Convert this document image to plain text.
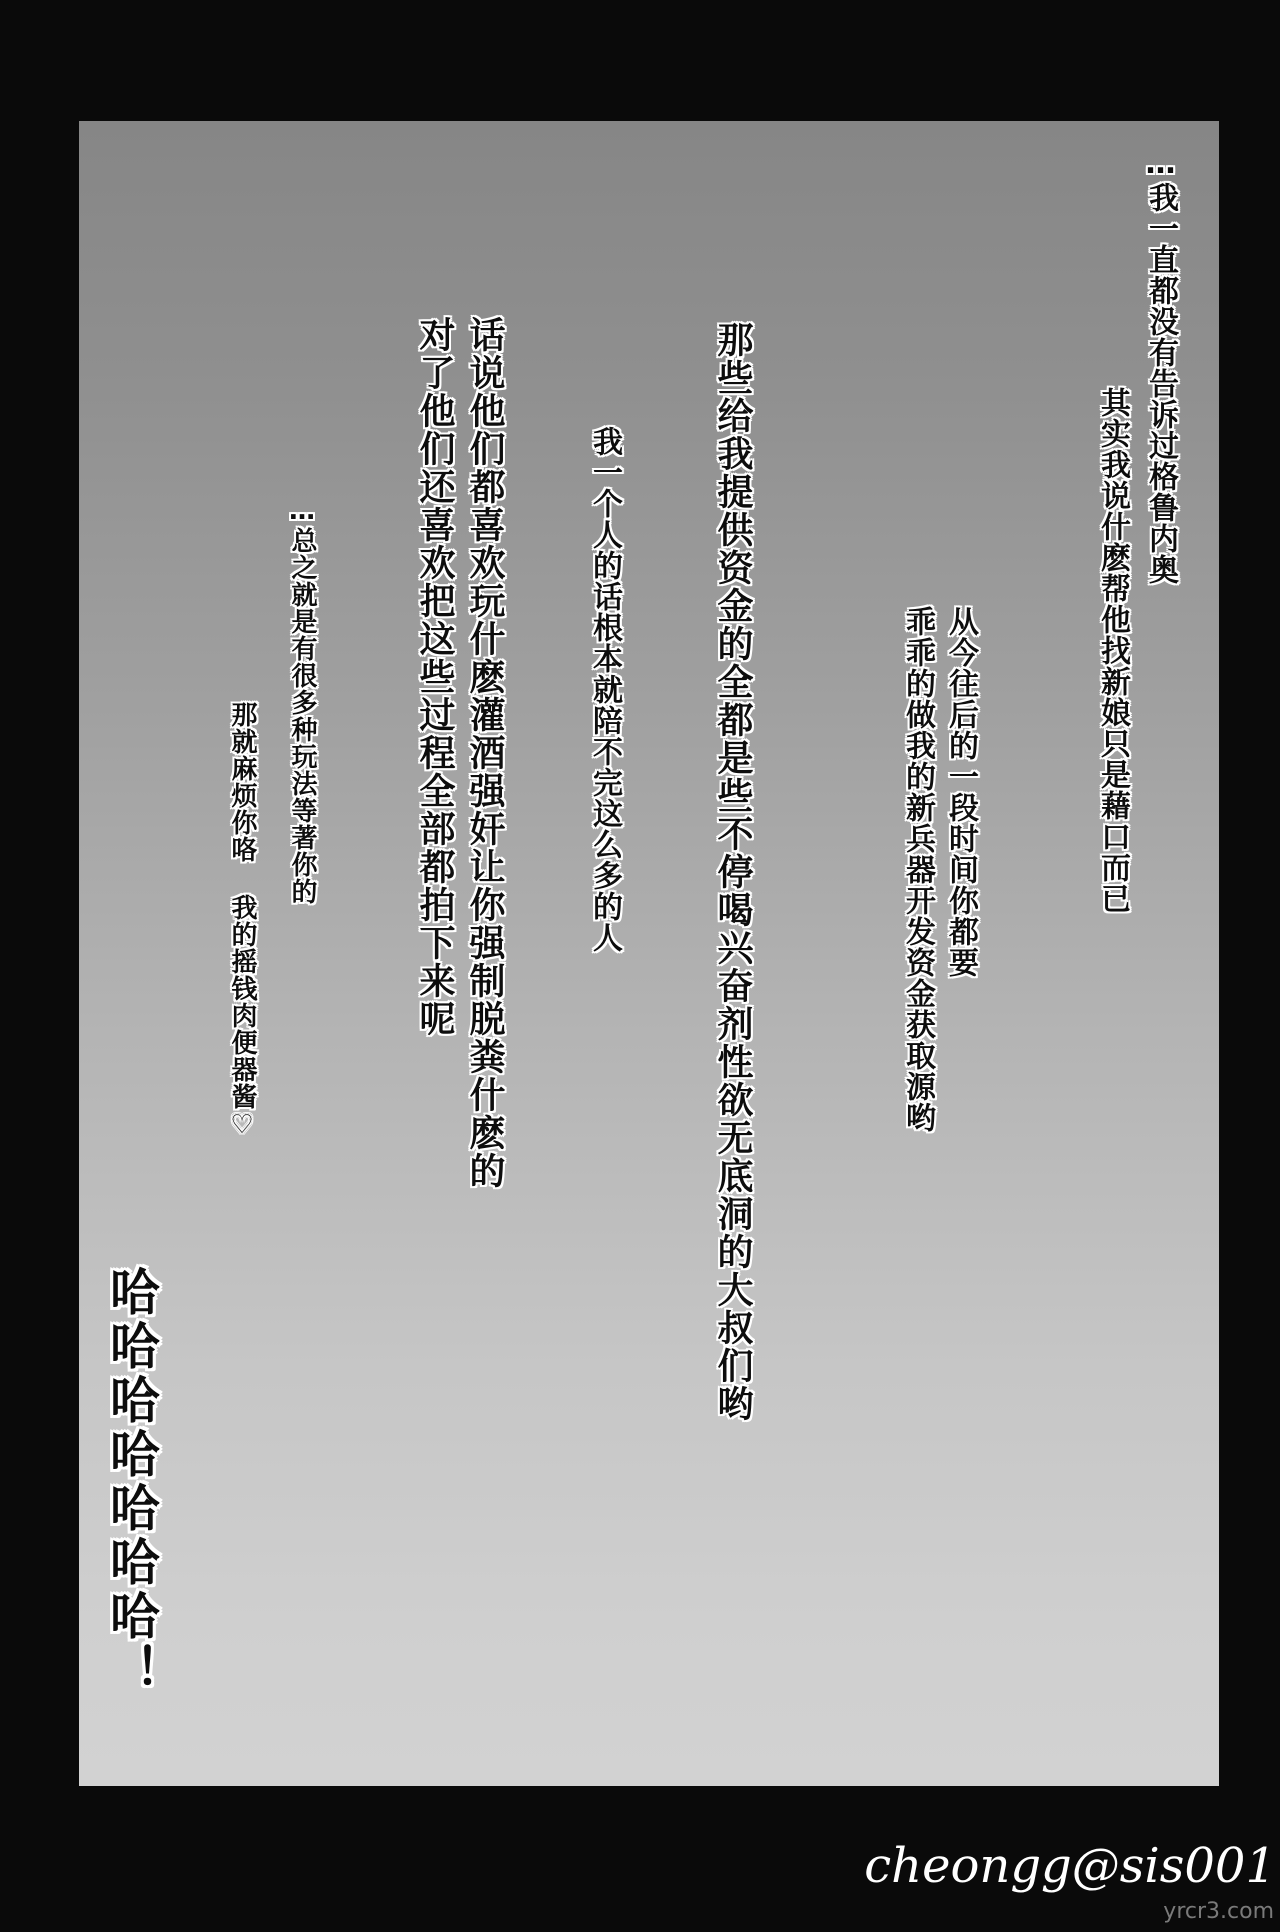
…我一直都没有告诉过格鲁内奥
其实我说什麽帮他找新娘只是藉口而已
从今往后的一段时间你都要
乖乖的做我的新兵器开发资金获取源哟
那些给我提供资金的全都是些不停喝兴奋剂性欲无底洞的大叔们哟
我一个人的话根本就陪不完这么多的人
话说他们都喜欢玩什麽灌酒强奸让你强制脱粪什麽的
对了他们还喜欢把这些过程全部都拍下来呢
…总之就是有很多种玩法等著你的
那就麻烦你咯 我的摇钱肉便器酱♡
哈哈哈哈哈哈哈！
cheongg@sis001
yrcr3.com
